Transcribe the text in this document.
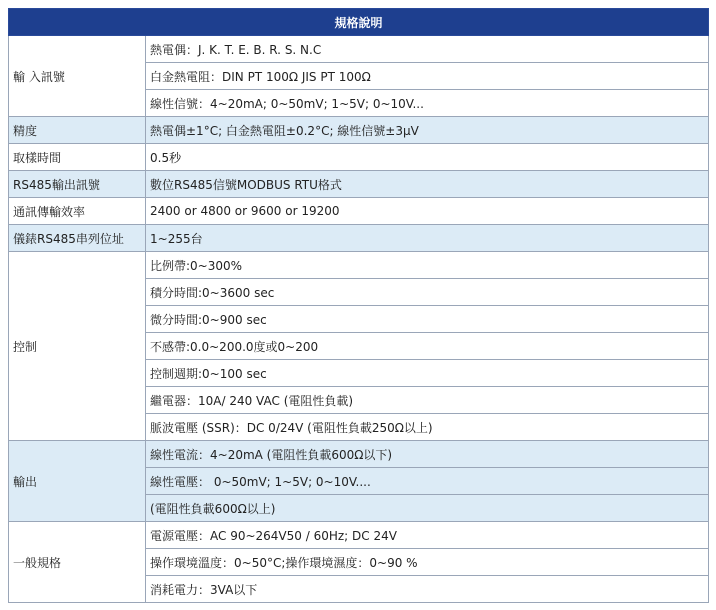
規格說明	
輸 入訊號	熱電偶：J. K. T. E. B. R. S. N.C
	白金熱電阻：DIN PT 100Ω JIS PT 100Ω
	線性信號：4~20mA; 0~50mV; 1~5V; 0~10V...
精度	熱電偶±1°C; 白金熱電阻±0.2°C; 線性信號±3μV
取樣時間	0.5秒
RS485輸出訊號	數位RS485信號MODBUS RTU格式
通訊傳輸效率	2400 or 4800 or 9600 or 19200
儀錶RS485串列位址	1~255台
控制	比例帶:0~300%
	積分時間:0~3600 sec
	微分時間:0~900 sec
	不感帶:0.0~200.0度或0~200
	控制週期:0~100 sec
	繼電器：10A/ 240 VAC (電阻性負載)
	脈波電壓 (SSR)：DC 0/24V (電阻性負載250Ω以上)
輸出	線性電流：4~20mA (電阻性負載600Ω以下)
	線性電壓： 0~50mV; 1~5V; 0~10V....
	(電阻性負載600Ω以上)
一般規格	電源電壓：AC 90~264V50 / 60Hz; DC 24V
	操作環境溫度：0~50°C;操作環境濕度：0~90 %
	消耗電力：3VA以下
